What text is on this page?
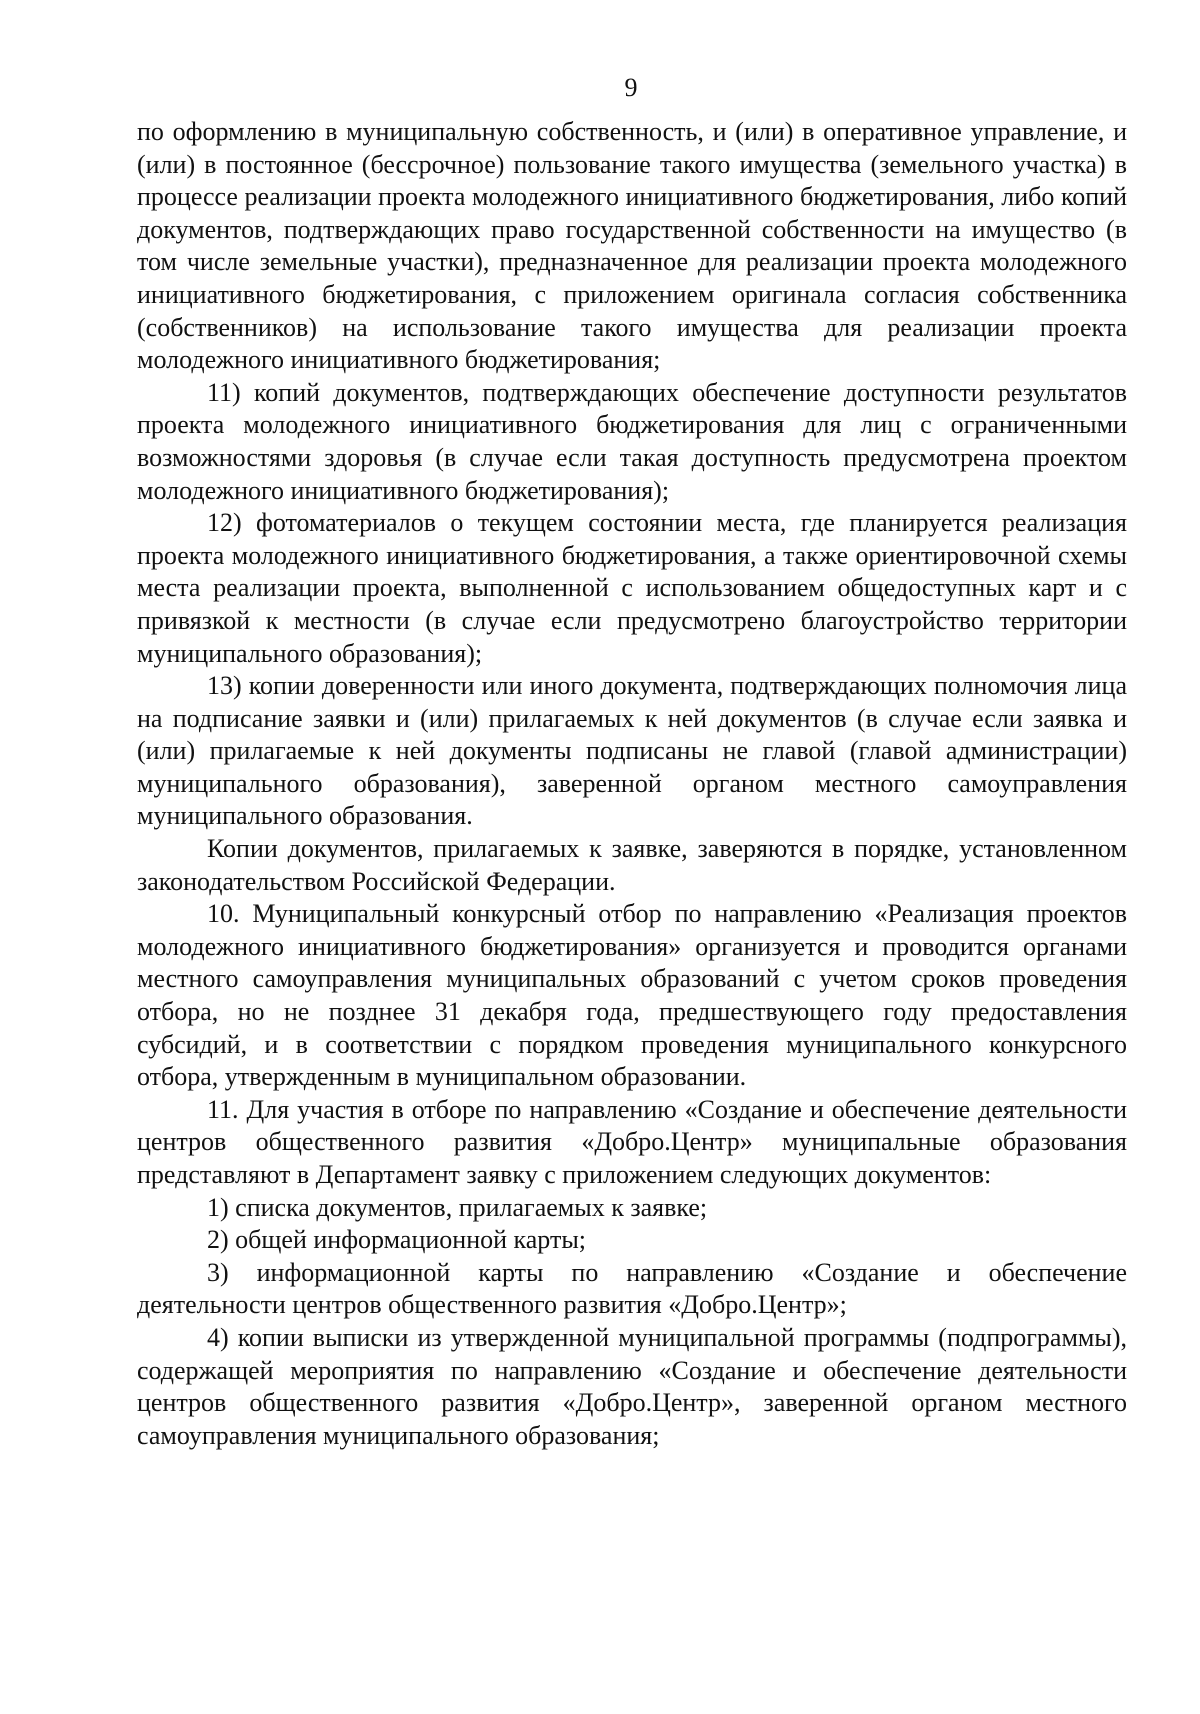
9

по оформлению в муниципальную собственность, и (или) в оперативное управление, и (или) в постоянное (бессрочное) пользование такого имущества (земельного участка) в процессе реализации проекта молодежного инициативного бюджетирования, либо копий документов, подтверждающих право государственной собственности на имущество (в том числе земельные участки), предназначенное для реализации проекта молодежного инициативного бюджетирования, с приложением оригинала согласия собственника (собственников) на использование такого имущества для реализации проекта молодежного инициативного бюджетирования;

11) копий документов, подтверждающих обеспечение доступности результатов проекта молодежного инициативного бюджетирования для лиц с ограниченными возможностями здоровья (в случае если такая доступность предусмотрена проектом молодежного инициативного бюджетирования);

12) фотоматериалов о текущем состоянии места, где планируется реализация проекта молодежного инициативного бюджетирования, а также ориентировочной схемы места реализации проекта, выполненной с использованием общедоступных карт и с привязкой к местности (в случае если предусмотрено благоустройство территории муниципального образования);

13) копии доверенности или иного документа, подтверждающих полномочия лица на подписание заявки и (или) прилагаемых к ней документов (в случае если заявка и (или) прилагаемые к ней документы подписаны не главой (главой администрации) муниципального образования), заверенной органом местного самоуправления муниципального образования.

Копии документов, прилагаемых к заявке, заверяются в порядке, установленном законодательством Российской Федерации.

10. Муниципальный конкурсный отбор по направлению «Реализация проектов молодежного инициативного бюджетирования» организуется и проводится органами местного самоуправления муниципальных образований с учетом сроков проведения отбора, но не позднее 31 декабря года, предшествующего году предоставления субсидий, и в соответствии с порядком проведения муниципального конкурсного отбора, утвержденным в муниципальном образовании.

11. Для участия в отборе по направлению «Создание и обеспечение деятельности центров общественного развития «Добро.Центр» муниципальные образования представляют в Департамент заявку с приложением следующих документов:

1) списка документов, прилагаемых к заявке;

2) общей информационной карты;

3) информационной карты по направлению «Создание и обеспечение деятельности центров общественного развития «Добро.Центр»;

4) копии выписки из утвержденной муниципальной программы (подпрограммы), содержащей мероприятия по направлению «Создание и обеспечение деятельности центров общественного развития «Добро.Центр», заверенной органом местного самоуправления муниципального образования;
